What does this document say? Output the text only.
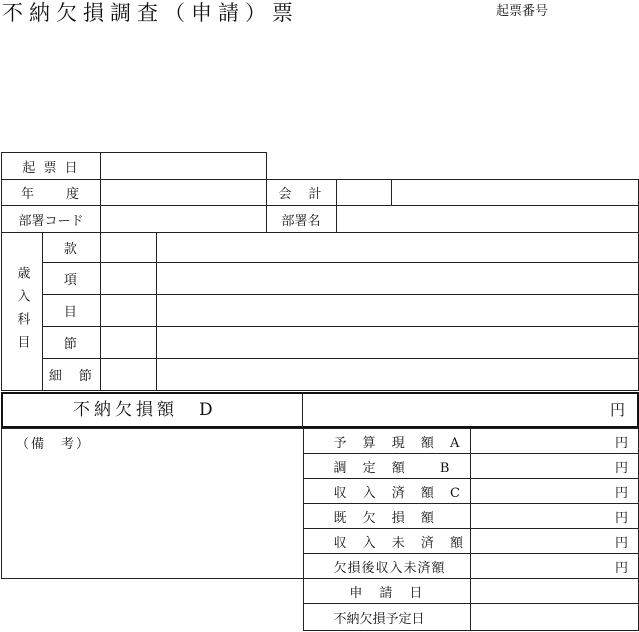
不納欠損調査（申請）票	起票番号
起 票 日						
年　　度				会　計		
部署コード				部署名		
歳入科目	款					
	項					
	目					
	節					
	細　節					
不納欠損額　D	円
（備　考）	予 算 現 額 A	円
	調 定 額 　B	円
	収 入 済 額 C	円
	既 欠 損 額	円
	収 入 未 済 額	円
	欠損後収入未済額	円
	申　請　日	
	不納欠損予定日	
